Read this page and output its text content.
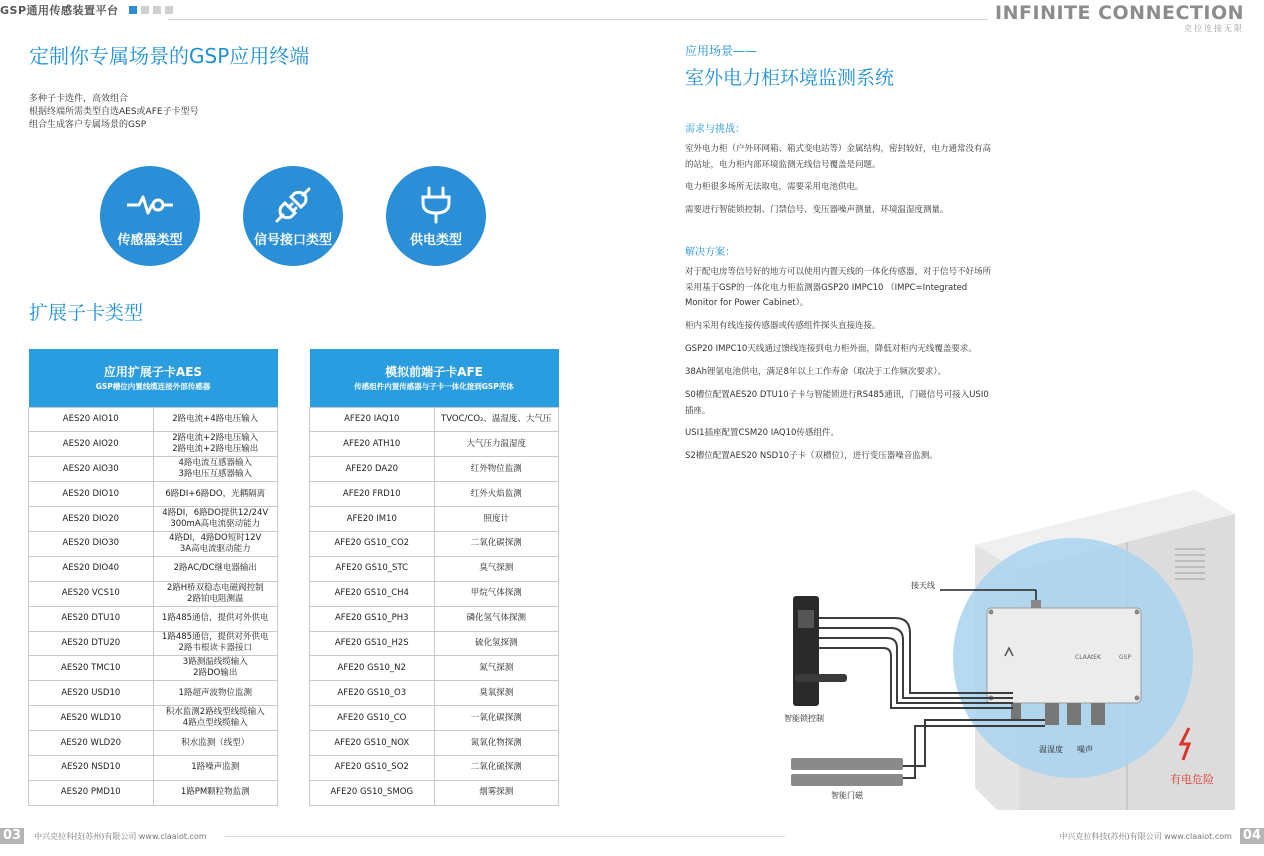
GSP通用传感装置平台	INFINITE CONNECTION
克拉连接无限
定制你专属场景的GSP应用终端
多种子卡选件，高效组合
根据终端所需类型自选AES或AFE子卡型号
组合生成客户专属场景的GSP
传感器类型	信号接口类型	供电类型
扩展子卡类型
应用扩展子卡AES
GSP槽位内置线缆连接外部传感器	

AES20 AIO10	2路电流+4路电压输入
AES20 AIO20	2路电流+2路电压输入
2路电流+2路电压输出
AES20 AIO30	4路电流互感器输入
3路电压互感器输入
AES20 DIO10	6路DI+6路DO，光耦隔离
AES20 DIO20	4路DI，6路DO提供12/24V
300mA高电流驱动能力
AES20 DIO30	4路DI，4路DO短时12V
3A高电流驱动能力
AES20 DIO40	2路AC/DC继电器输出
AES20 VCS10	2路H桥双稳态电磁阀控制
2路铂电阻测温
AES20 DTU10	1路485通信，提供对外供电
AES20 DTU20	1路485通信，提供对外供电
2路韦根读卡器接口
AES20 TMC10	3路测温线缆输入
2路DO输出
AES20 USD10	1路超声波物位监测
AES20 WLD10	积水监测2路线型线缆输入
4路点型线缆输入
AES20 WLD20	积水监测（线型）
AES20 NSD10	1路噪声监测
AES20 PMD10	1路PM颗粒物监测
模拟前端子卡AFE
传感组件内置传感器与子卡一体化接到GSP壳体	

AFE20 IAQ10	TVOC/CO₂、温湿度、大气压
AFE20 ATH10	大气压力温湿度
AFE20 DA20	红外物位监测
AFE20 FRD10	红外火焰监测
AFE20 IM10	照度计
AFE20 GS10_CO2	二氧化碳探测
AFE20 GS10_STC	臭气探测
AFE20 GS10_CH4	甲烷气体探测
AFE20 GS10_PH3	磷化氢气体探测
AFE20 GS10_H2S	硫化氢探测
AFE20 GS10_N2	氮气探测
AFE20 GS10_O3	臭氧探测
AFE20 GS10_CO	一氧化碳探测
AFE20 GS10_NOX	氮氧化物探测
AFE20 GS10_SO2	二氧化硫探测
AFE20 GS10_SMOG	烟雾探测
应用场景——
室外电力柜环境监测系统
需求与挑战：
室外电力柜（户外环网箱、箱式变电站等）金属结构，密封较好，电力通常没有高的站址，电力柜内部环境监测无线信号覆盖是问题。
电力柜很多场所无法取电，需要采用电池供电。
需要进行智能锁控制、门禁信号、变压器噪声测量，环境温湿度测量。
解决方案：
对于配电房等信号好的地方可以使用内置天线的一体化传感器，对于信号不好场所采用基于GSP的一体化电力柜监测器GSP20 IMPC10 （IMPC=Integrated Monitor for Power Cabinet）。
柜内采用有线连接传感器或传感组件探头直接连接。
GSP20 IMPC10天线通过馈线连接到电力柜外面，降低对柜内无线覆盖要求。
38Ah锂氩电池供电，满足8年以上工作寿命（取决于工作频次要求）。
S0槽位配置AES20 DTU10子卡与智能锁进行RS485通讯，门磁信号可接入USI0插座。
USI1插座配置CSM20 IAQ10传感组件。
S2槽位配置AES20 NSD10子卡（双槽位），进行变压器噪音监测。
有电危险
CLAAtEK	GSP
接天线
智能锁控制
智能门磁
温湿度 噪声
03	中兴克拉科技(苏州)有限公司 www.claaiot.com	中兴克拉科技(苏州)有限公司 www.claaiot.com 04
